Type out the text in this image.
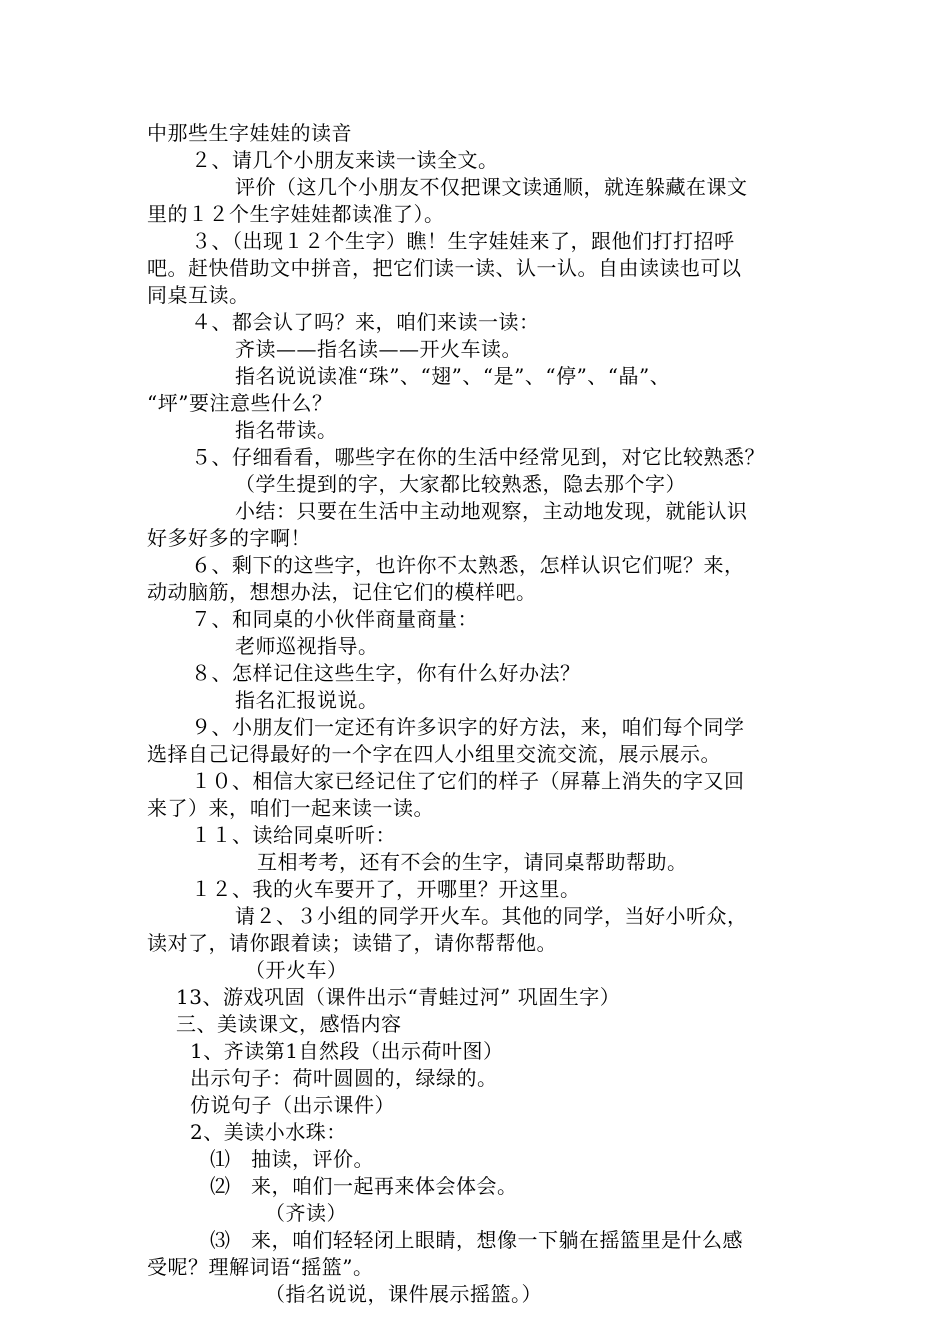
中那些生字娃娃的读音
２、请几个小朋友来读一读全文。
评价（这几个小朋友不仅把课文读通顺，就连躲藏在课文
里的１２个生字娃娃都读准了）。
３、（出现１２个生字）瞧！生字娃娃来了，跟他们打打招呼
吧。赶快借助文中拼音，把它们读一读、认一认。自由读读也可以
同桌互读。
４、都会认了吗？来，咱们来读一读：
齐读——指名读——开火车读。
指名说说读准“珠”、“翅”、“是”、“停”、“晶”、
“坪”要注意些什么？
指名带读。
５、仔细看看，哪些字在你的生活中经常见到，对它比较熟悉？
（学生提到的字，大家都比较熟悉，隐去那个字）
小结：只要在生活中主动地观察，主动地发现，就能认识
好多好多的字啊！
６、剩下的这些字，也许你不太熟悉，怎样认识它们呢？来，
动动脑筋，想想办法，记住它们的模样吧。
７、和同桌的小伙伴商量商量：
老师巡视指导。
８、怎样记住这些生字，你有什么好办法？
指名汇报说说。
９、小朋友们一定还有许多识字的好方法，来，咱们每个同学
选择自己记得最好的一个字在四人小组里交流交流，展示展示。
１０、相信大家已经记住了它们的样子（屏幕上消失的字又回
来了）来，咱们一起来读一读。
１１、读给同桌听听：
互相考考，还有不会的生字，请同桌帮助帮助。
１２、我的火车要开了，开哪里？开这里。
请２、３小组的同学开火车。其他的同学，当好小听众，
读对了，请你跟着读；读错了，请你帮帮他。
（开火车）
13、游戏巩固（课件出示“青蛙过河” 巩固生字）
三、美读课文，感悟内容
1、齐读第1自然段（出示荷叶图）
出示句子：荷叶圆圆的，绿绿的。
仿说句子（出示课件）
2、美读小水珠：
⑴　抽读，评价。
⑵　来，咱们一起再来体会体会。
（齐读）
⑶　来，咱们轻轻闭上眼睛，想像一下躺在摇篮里是什么感
受呢？理解词语“摇篮”。
（指名说说，课件展示摇篮。）
